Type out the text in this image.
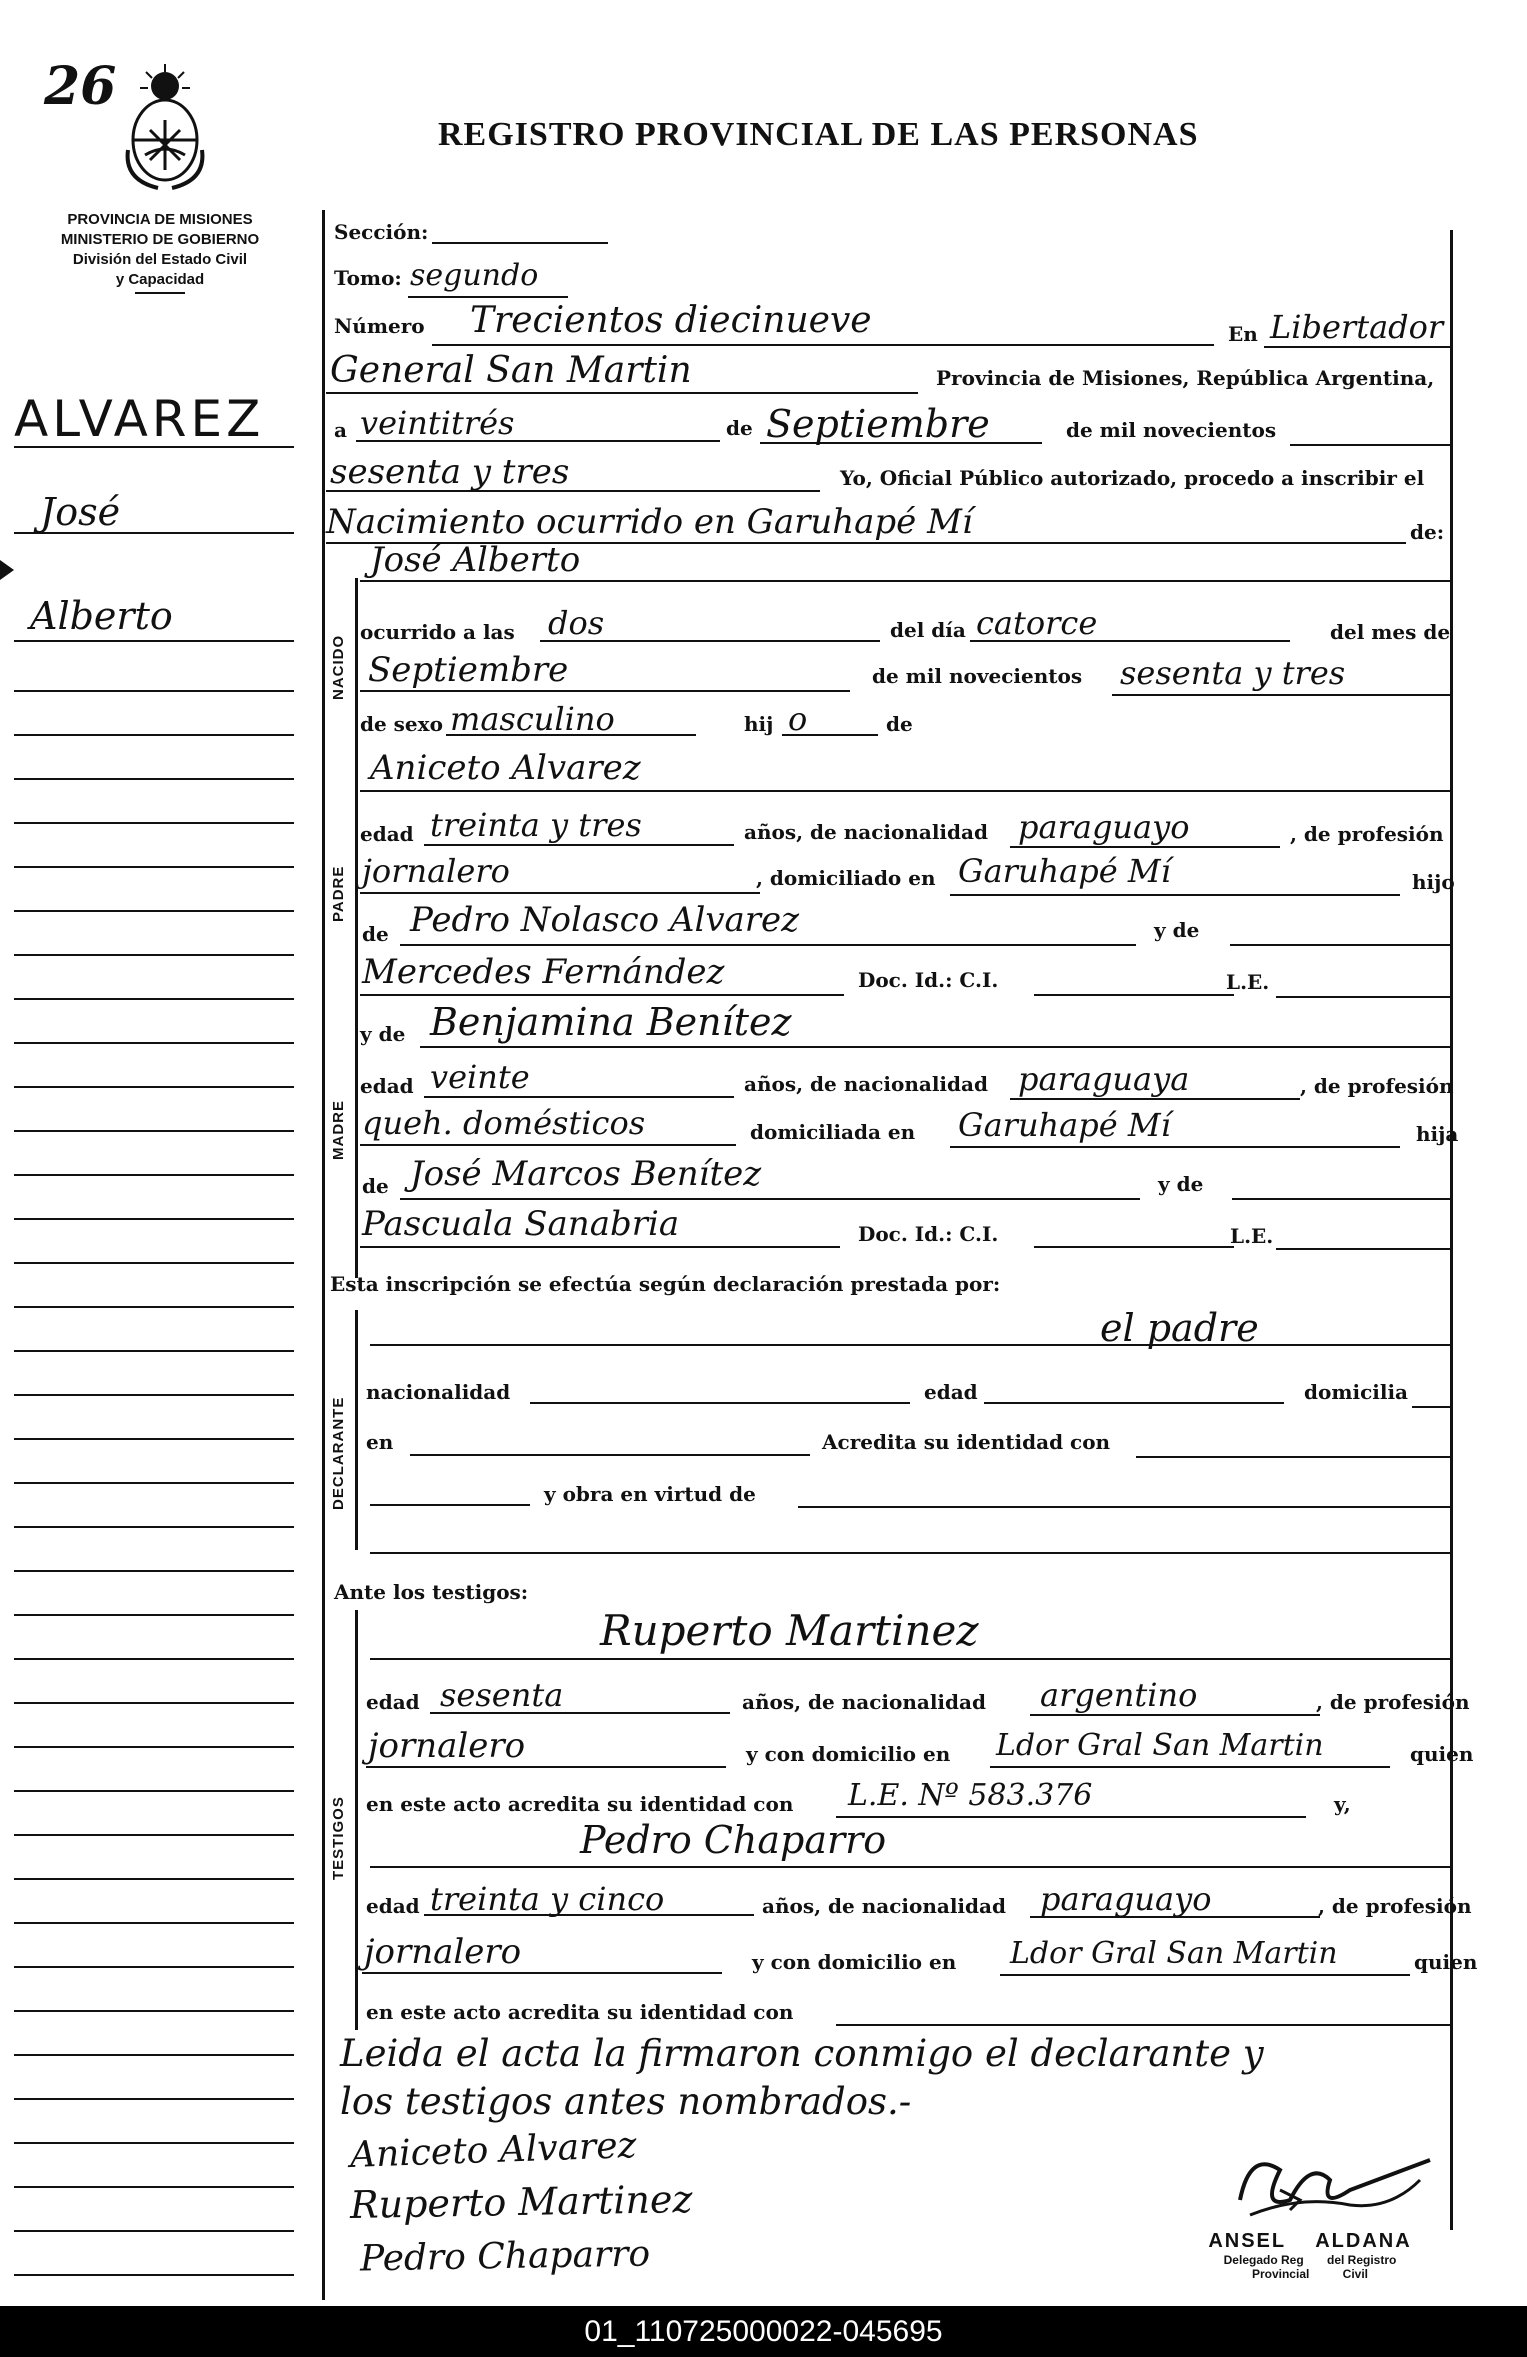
26
REGISTRO PROVINCIAL DE LAS PERSONAS
PROVINCIA DE MISIONES
MINISTERIO DE GOBIERNO
División del Estado Civil
y Capacidad
ALVAREZ
José
Alberto
NACIDO
PADRE
MADRE
DECLARANTE
TESTIGOS
Sección:
Tomo: segundo
Número Trecientos diecinueve	En Libertador
General San Martin	Provincia de Misiones, República Argentina,
a veintitrés	de Septiembre	de mil novecientos
sesenta y tres	Yo, Oficial Público autorizado, procedo a inscribir el
Nacimiento ocurrido en Garuhapé Mí	de:
José Alberto
ocurrido a las dos	del día catorce	del mes de
Septiembre	de mil novecientos sesenta y tres
de sexo masculino	hij o	de
Aniceto Alvarez
edad treinta y tres	años, de nacionalidad paraguayo	, de profesión
jornalero	, domiciliado en Garuhapé Mí	hijo
de Pedro Nolasco Alvarez	y de
Mercedes Fernández	Doc. Id.: C.I.	L.E.
y de Benjamina Benítez
edad veinte	años, de nacionalidad paraguaya	, de profesión
queh. domésticos	domiciliada en Garuhapé Mí	hija
de José Marcos Benítez	y de
Pascuala Sanabria	Doc. Id.: C.I.	L.E.
Esta inscripción se efectúa según declaración prestada por:
el padre
nacionalidad	edad	domicilia
en	Acredita su identidad con
y obra en virtud de
Ante los testigos:
Ruperto Martinez
edad sesenta	años, de nacionalidad argentino	, de profesión
jornalero	y con domicilio en Ldor Gral San Martin	quien
en este acto acredita su identidad con L.E. Nº 583.376	y,
Pedro Chaparro
edad treinta y cinco	años, de nacionalidad paraguayo	, de profesión
jornalero	y con domicilio en Ldor Gral San Martin	quien
en este acto acredita su identidad con
Leida el acta la firmaron conmigo el declarante y
los testigos antes nombrados.-
Aniceto Alvarez
Ruperto Martinez
Pedro Chaparro	ANSEL    ALDANA
Delegado Reg       del Registro
Provincial          Civil
01_110725000022-045695
